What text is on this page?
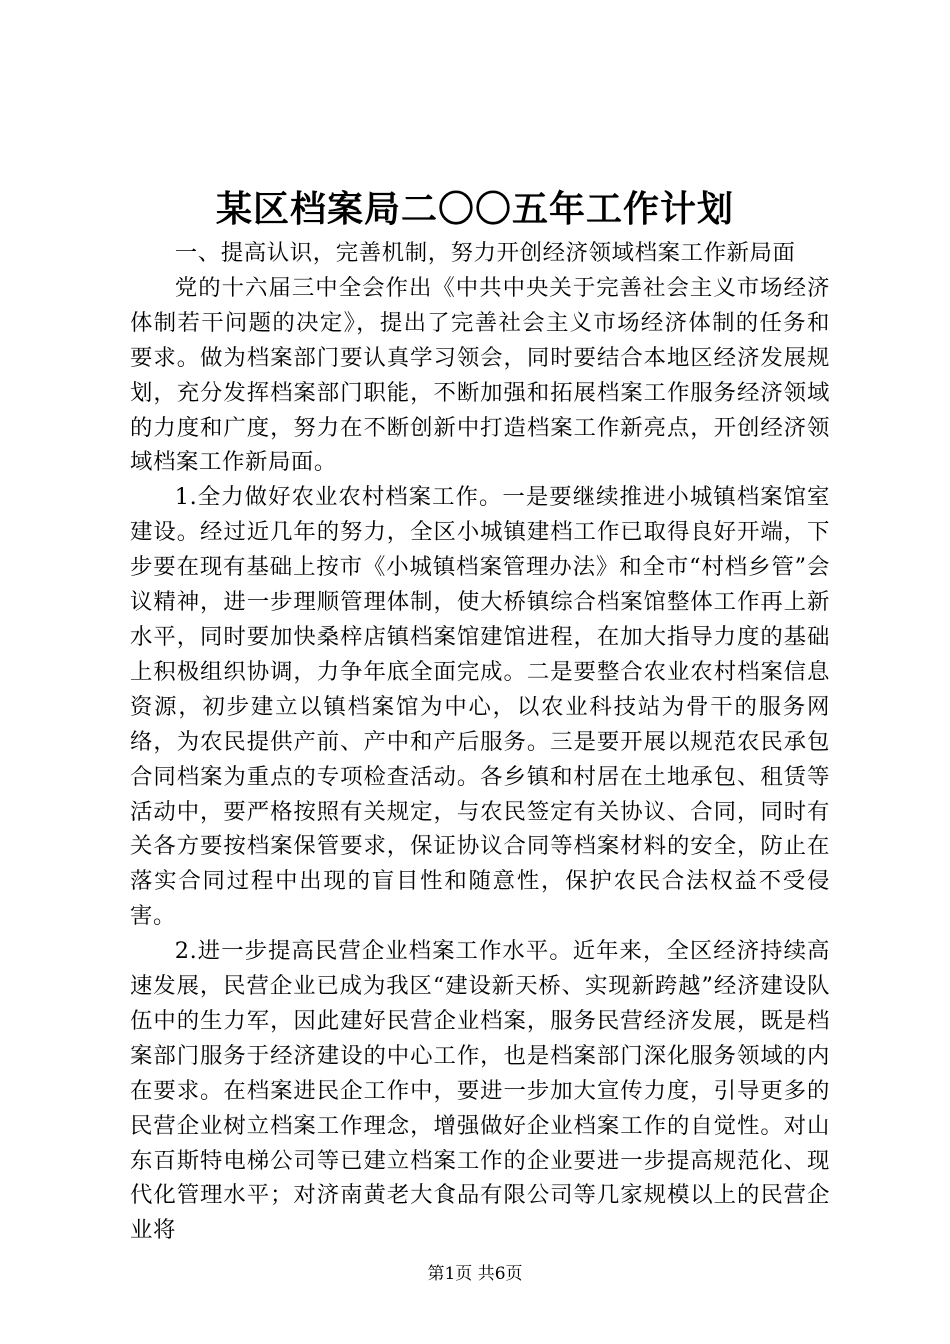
某区档案局二〇〇五年工作计划

一、提高认识，完善机制，努力开创经济领域档案工作新局面

党的十六届三中全会作出《中共中央关于完善社会主义市场经济体制若干问题的决定》，提出了完善社会主义市场经济体制的任务和要求。做为档案部门要认真学习领会，同时要结合本地区经济发展规划，充分发挥档案部门职能，不断加强和拓展档案工作服务经济领域的力度和广度，努力在不断创新中打造档案工作新亮点，开创经济领域档案工作新局面。

1.全力做好农业农村档案工作。一是要继续推进小城镇档案馆室建设。经过近几年的努力，全区小城镇建档工作已取得良好开端，下步要在现有基础上按市《小城镇档案管理办法》和全市“村档乡管”会议精神，进一步理顺管理体制，使大桥镇综合档案馆整体工作再上新水平，同时要加快桑梓店镇档案馆建馆进程，在加大指导力度的基础上积极组织协调，力争年底全面完成。二是要整合农业农村档案信息资源，初步建立以镇档案馆为中心，以农业科技站为骨干的服务网络，为农民提供产前、产中和产后服务。三是要开展以规范农民承包合同档案为重点的专项检查活动。各乡镇和村居在土地承包、租赁等活动中，要严格按照有关规定，与农民签定有关协议、合同，同时有关各方要按档案保管要求，保证协议合同等档案材料的安全，防止在落实合同过程中出现的盲目性和随意性，保护农民合法权益不受侵害。

2.进一步提高民营企业档案工作水平。近年来，全区经济持续高速发展，民营企业已成为我区“建设新天桥、实现新跨越”经济建设队伍中的生力军，因此建好民营企业档案，服务民营经济发展，既是档案部门服务于经济建设的中心工作，也是档案部门深化服务领域的内在要求。在档案进民企工作中，要进一步加大宣传力度，引导更多的民营企业树立档案工作理念，增强做好企业档案工作的自觉性。对山东百斯特电梯公司等已建立档案工作的企业要进一步提高规范化、现代化管理水平；对济南黄老大食品有限公司等几家规模以上的民营企业将

第1页 共6页
